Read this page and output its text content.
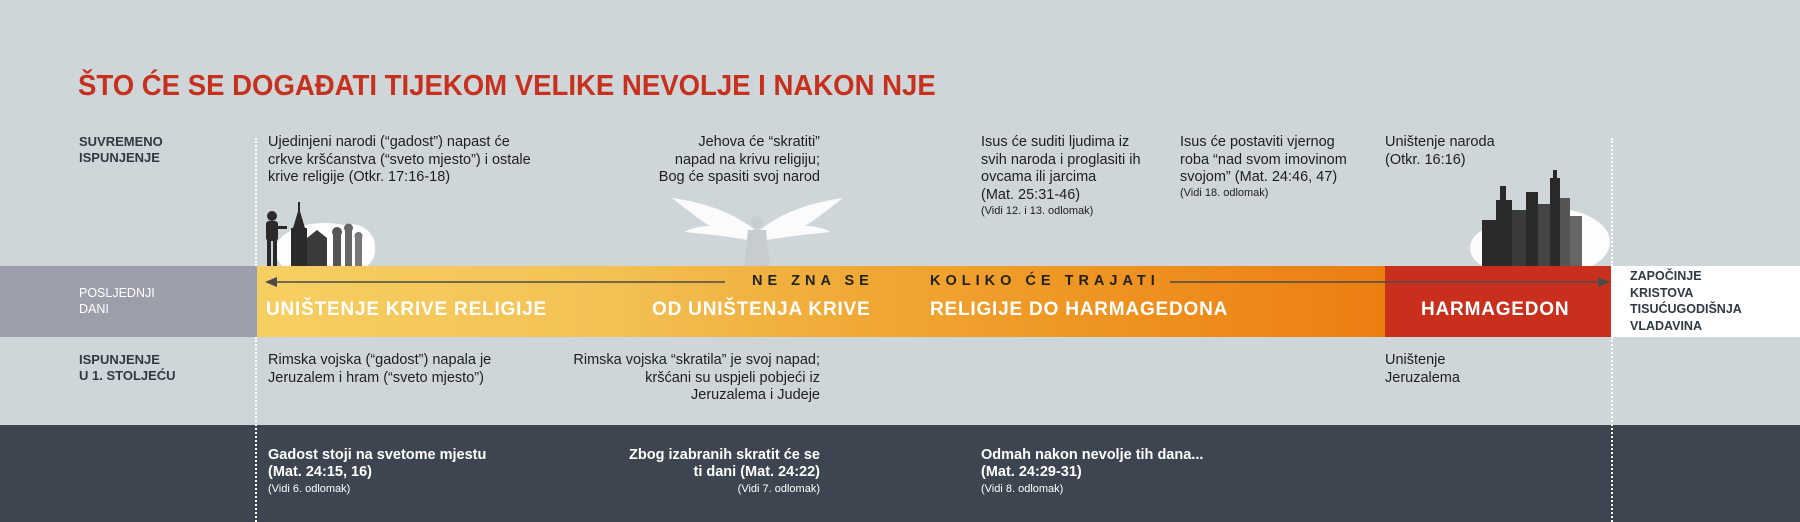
ŠTO ĆE SE DOGAĐATI TIJEKOM VELIKE NEVOLJE I NAKON NJE
SUVREMENO
ISPUNJENJE
ISPUNJENJE
U 1. STOLJEĆU
Ujedinjeni narodi (“gadost”) napast će
crkve kršćanstva (“sveto mjesto”) i ostale
krive religije (Otkr. 17:16-18)
Jehova će “skratiti”
napad na krivu religiju;
Bog će spasiti svoj narod
Isus će suditi ljudima iz
svih naroda i proglasiti ih
ovcama ili jarcima
(Mat. 25:31-46)
(Vidi 12. i 13. odlomak)
Isus će postaviti vjernog
roba “nad svom imovinom
svojom” (Mat. 24:46, 47)
(Vidi 18. odlomak)
Uništenje naroda
(Otkr. 16:16)
POSLJEDNJI
DANI
NE ZNA SE	KOLIKO ĆE TRAJATI
UNIŠTENJE KRIVE RELIGIJE	OD UNIŠTENJA KRIVE	RELIGIJE DO HARMAGEDONA	HARMAGEDON
ZAPOČINJE
KRISTOVA
TISUĆUGODIŠNJA
VLADAVINA
Rimska vojska (“gadost”) napala je
Jeruzalem i hram (“sveto mjesto”)
Rimska vojska “skratila” je svoj napad;
kršćani su uspjeli pobjeći iz
Jeruzalema i Judeje
Uništenje
Jeruzalema
Gadost stoji na svetome mjestu
(Mat. 24:15, 16)
(Vidi 6. odlomak)
Zbog izabranih skratit će se
ti dani (Mat. 24:22)
(Vidi 7. odlomak)
Odmah nakon nevolje tih dana...
(Mat. 24:29-31)
(Vidi 8. odlomak)
